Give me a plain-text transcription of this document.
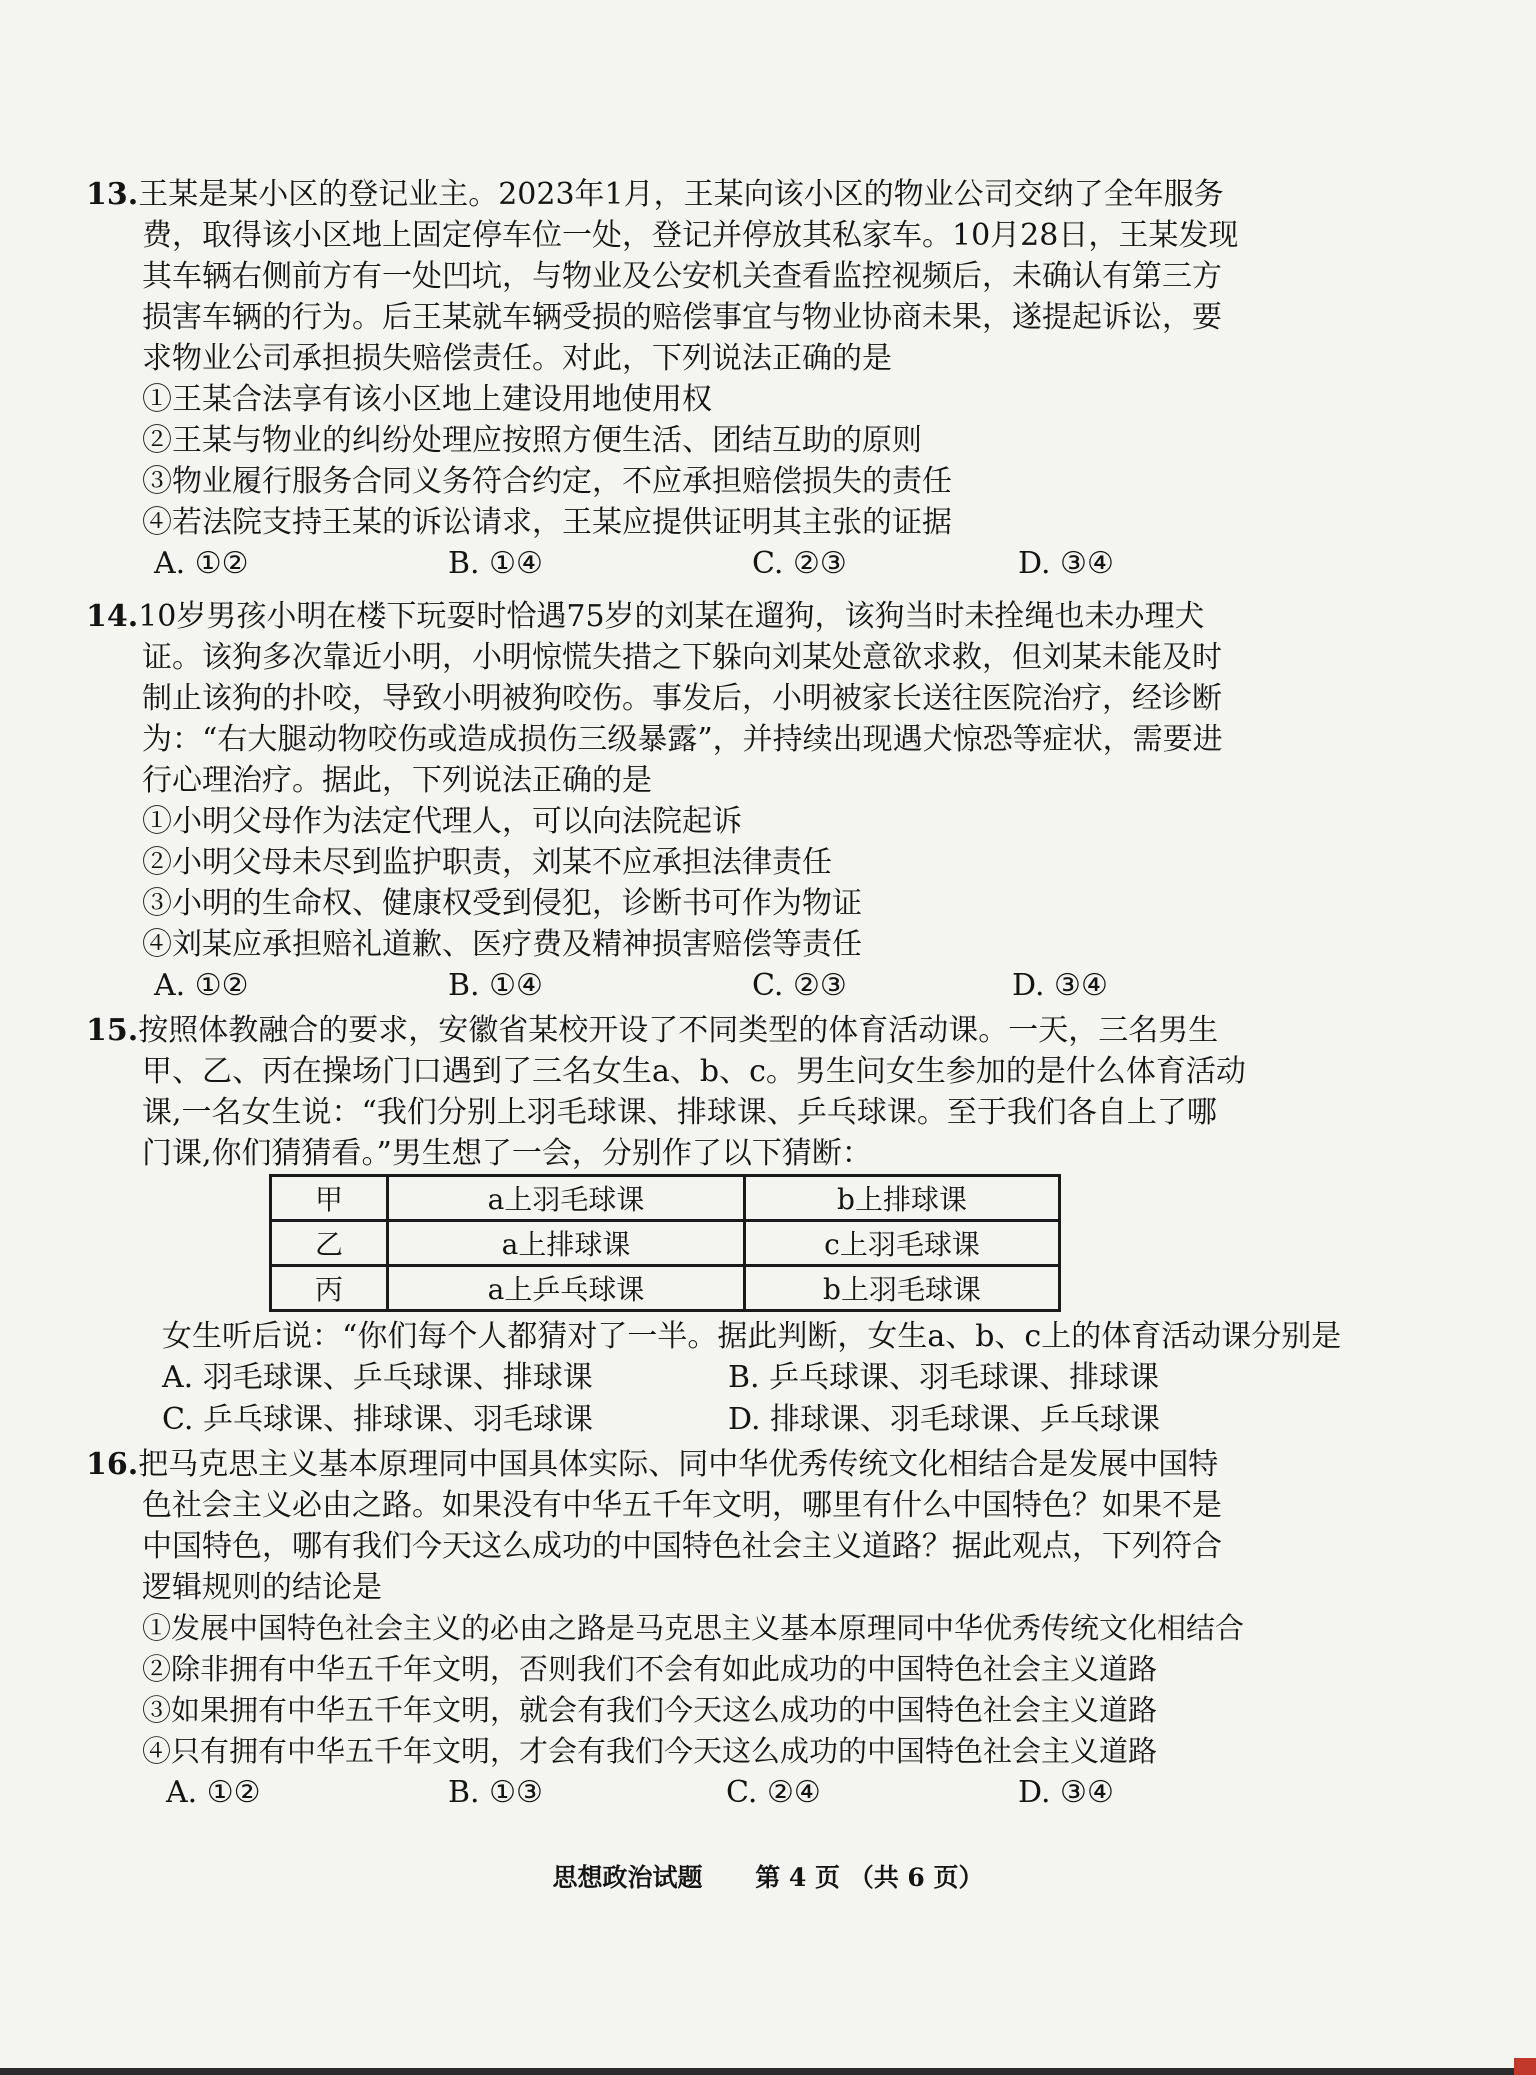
13.王某是某小区的登记业主。2023年1月，王某向该小区的物业公司交纳了全年服务费，取得该小区地上固定停车位一处，登记并停放其私家车。10月28日，王某发现其车辆右侧前方有一处凹坑，与物业及公安机关查看监控视频后，未确认有第三方损害车辆的行为。后王某就车辆受损的赔偿事宜与物业协商未果，遂提起诉讼，要求物业公司承担损失赔偿责任。对此，下列说法正确的是

①王某合法享有该小区地上建设用地使用权

②王某与物业的纠纷处理应按照方便生活、团结互助的原则

③物业履行服务合同义务符合约定，不应承担赔偿损失的责任

④若法院支持王某的诉讼请求，王某应提供证明其主张的证据

A. ①②	B. ①④	C. ②③	D. ③④

14.10岁男孩小明在楼下玩耍时恰遇75岁的刘某在遛狗，该狗当时未拴绳也未办理犬证。该狗多次靠近小明，小明惊慌失措之下躲向刘某处意欲求救，但刘某未能及时制止该狗的扑咬，导致小明被狗咬伤。事发后，小明被家长送往医院治疗，经诊断为：“右大腿动物咬伤或造成损伤三级暴露”，并持续出现遇犬惊恐等症状，需要进行心理治疗。据此，下列说法正确的是

①小明父母作为法定代理人，可以向法院起诉

②小明父母未尽到监护职责，刘某不应承担法律责任

③小明的生命权、健康权受到侵犯，诊断书可作为物证

④刘某应承担赔礼道歉、医疗费及精神损害赔偿等责任

A. ①②	B. ①④	C. ②③	D. ③④

15.按照体教融合的要求，安徽省某校开设了不同类型的体育活动课。一天，三名男生甲、乙、丙在操场门口遇到了三名女生a、b、c。男生问女生参加的是什么体育活动课,一名女生说：“我们分别上羽毛球课、排球课、乒乓球课。至于我们各自上了哪门课,你们猜猜看。”男生想了一会，分别作了以下猜断：

甲	a上羽毛球课	b上排球课
乙	a上排球课	c上羽毛球课
丙	a上乒乓球课	b上羽毛球课

女生听后说：“你们每个人都猜对了一半。据此判断，女生a、b、c上的体育活动课分别是

A. 羽毛球课、乒乓球课、排球课	B. 乒乓球课、羽毛球课、排球课
C. 乒乓球课、排球课、羽毛球课	D. 排球课、羽毛球课、乒乓球课

16.把马克思主义基本原理同中国具体实际、同中华优秀传统文化相结合是发展中国特色社会主义必由之路。如果没有中华五千年文明，哪里有什么中国特色？如果不是中国特色，哪有我们今天这么成功的中国特色社会主义道路？据此观点，下列符合逻辑规则的结论是

①发展中国特色社会主义的必由之路是马克思主义基本原理同中华优秀传统文化相结合

②除非拥有中华五千年文明，否则我们不会有如此成功的中国特色社会主义道路

③如果拥有中华五千年文明，就会有我们今天这么成功的中国特色社会主义道路

④只有拥有中华五千年文明，才会有我们今天这么成功的中国特色社会主义道路

A. ①②	B. ①③	C. ②④	D. ③④
思想政治试题 第 4 页 （共 6 页）
